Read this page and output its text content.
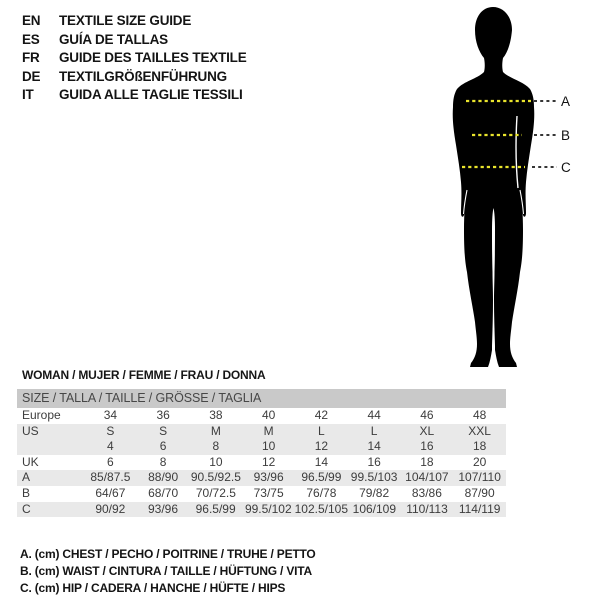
EN	TEXTILE SIZE GUIDE
ES	GUÍA DE TALLAS
FR	GUIDE DES TAILLES TEXTILE
DE	TEXTILGRÖßENFÜHRUNG
IT	GUIDA ALLE TAGLIE TESSILI	A
B
C
WOMAN / MUJER / FEMME / FRAU / DONNA
SIZE / TALLA / TAILLE / GRÖSSE / TAGLIA
Europe	34	36	38	40	42	44	46	48
US	S	S	M	M	L	L	XL	XXL
4	6	8	10	12	14	16	18
UK	6	8	10	12	14	16	18	20
A	85/87.5	88/90	90.5/92.5	93/96	96.5/99 99.5/103 104/107 107/110
B	64/67	68/70	70/72.5	73/75	76/78	79/82	83/86	87/90
C	90/92	93/96	96.5/99 99.5/102 102.5/105 106/109 110/113 114/119
A. (cm) CHEST / PECHO / POITRINE / TRUHE / PETTO
B. (cm) WAIST / CINTURA / TAILLE / HÜFTUNG / VITA
C. (cm) HIP / CADERA / HANCHE / HÜFTE / HIPS
